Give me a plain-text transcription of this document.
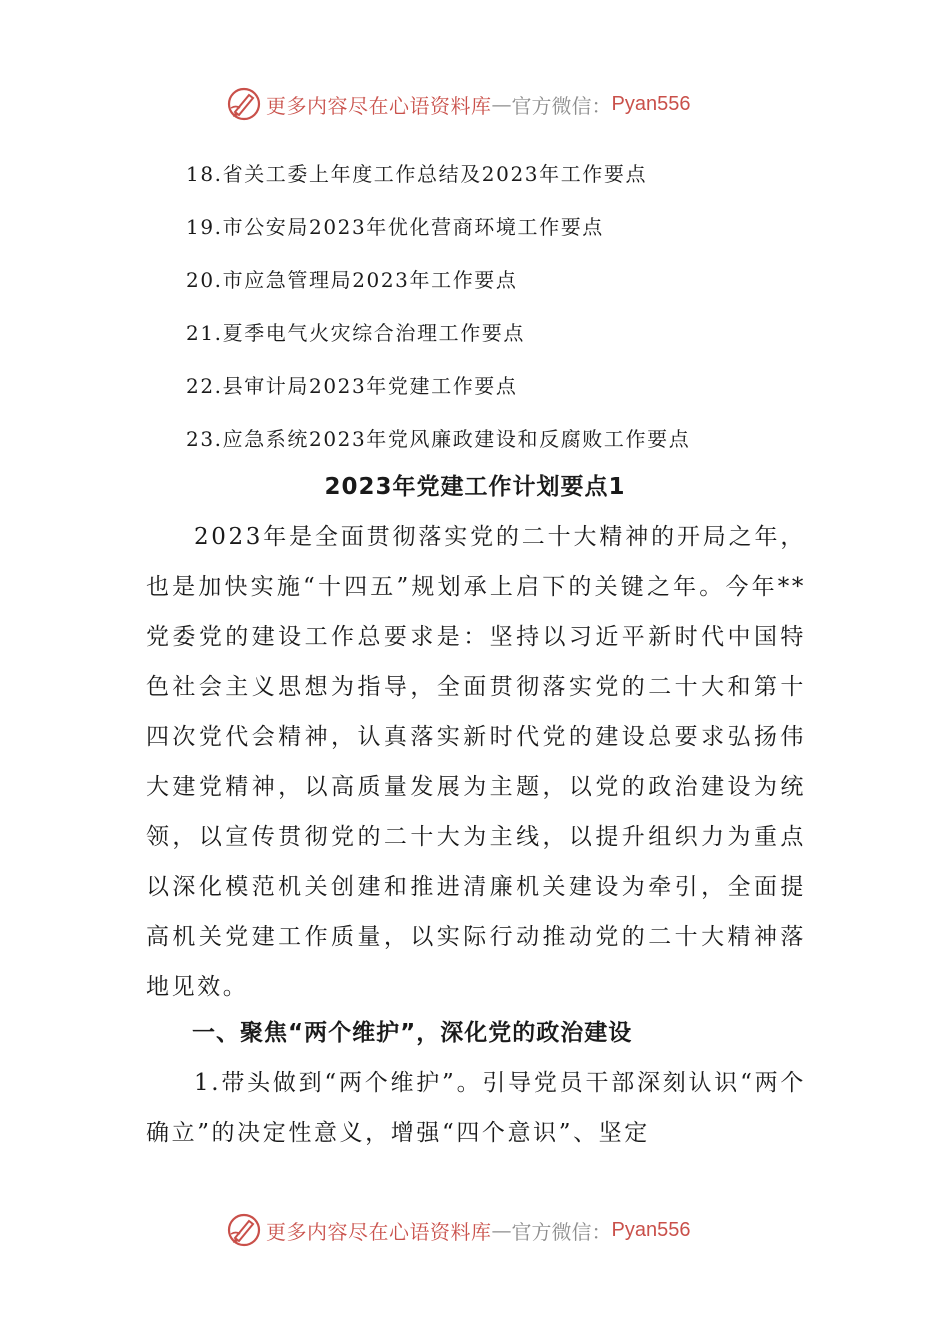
更多内容尽在心语资料库 — 官方微信： Pyan556
18.省关工委上年度工作总结及2023年工作要点
19.市公安局2023年优化营商环境工作要点
20.市应急管理局2023年工作要点
21.夏季电气火灾综合治理工作要点
22.县审计局2023年党建工作要点
23.应急系统2023年党风廉政建设和反腐败工作要点
2023年党建工作计划要点1

2023年是全面贯彻落实党的二十大精神的开局之年，也是加快实施“十四五”规划承上启下的关键之年。今年**党委党的建设工作总要求是：坚持以习近平新时代中国特色社会主义思想为指导，全面贯彻落实党的二十大和第十四次党代会精神，认真落实新时代党的建设总要求弘扬伟大建党精神，以高质量发展为主题，以党的政治建设为统领，以宣传贯彻党的二十大为主线，以提升组织力为重点以深化模范机关创建和推进清廉机关建设为牵引，全面提高机关党建工作质量，以实际行动推动党的二十大精神落地见效。

一、聚焦“两个维护”，深化党的政治建设

1.带头做到“两个维护”。引导党员干部深刻认识“两个确立”的决定性意义，增强“四个意识”、坚定

更多内容尽在心语资料库 — 官方微信： Pyan556
